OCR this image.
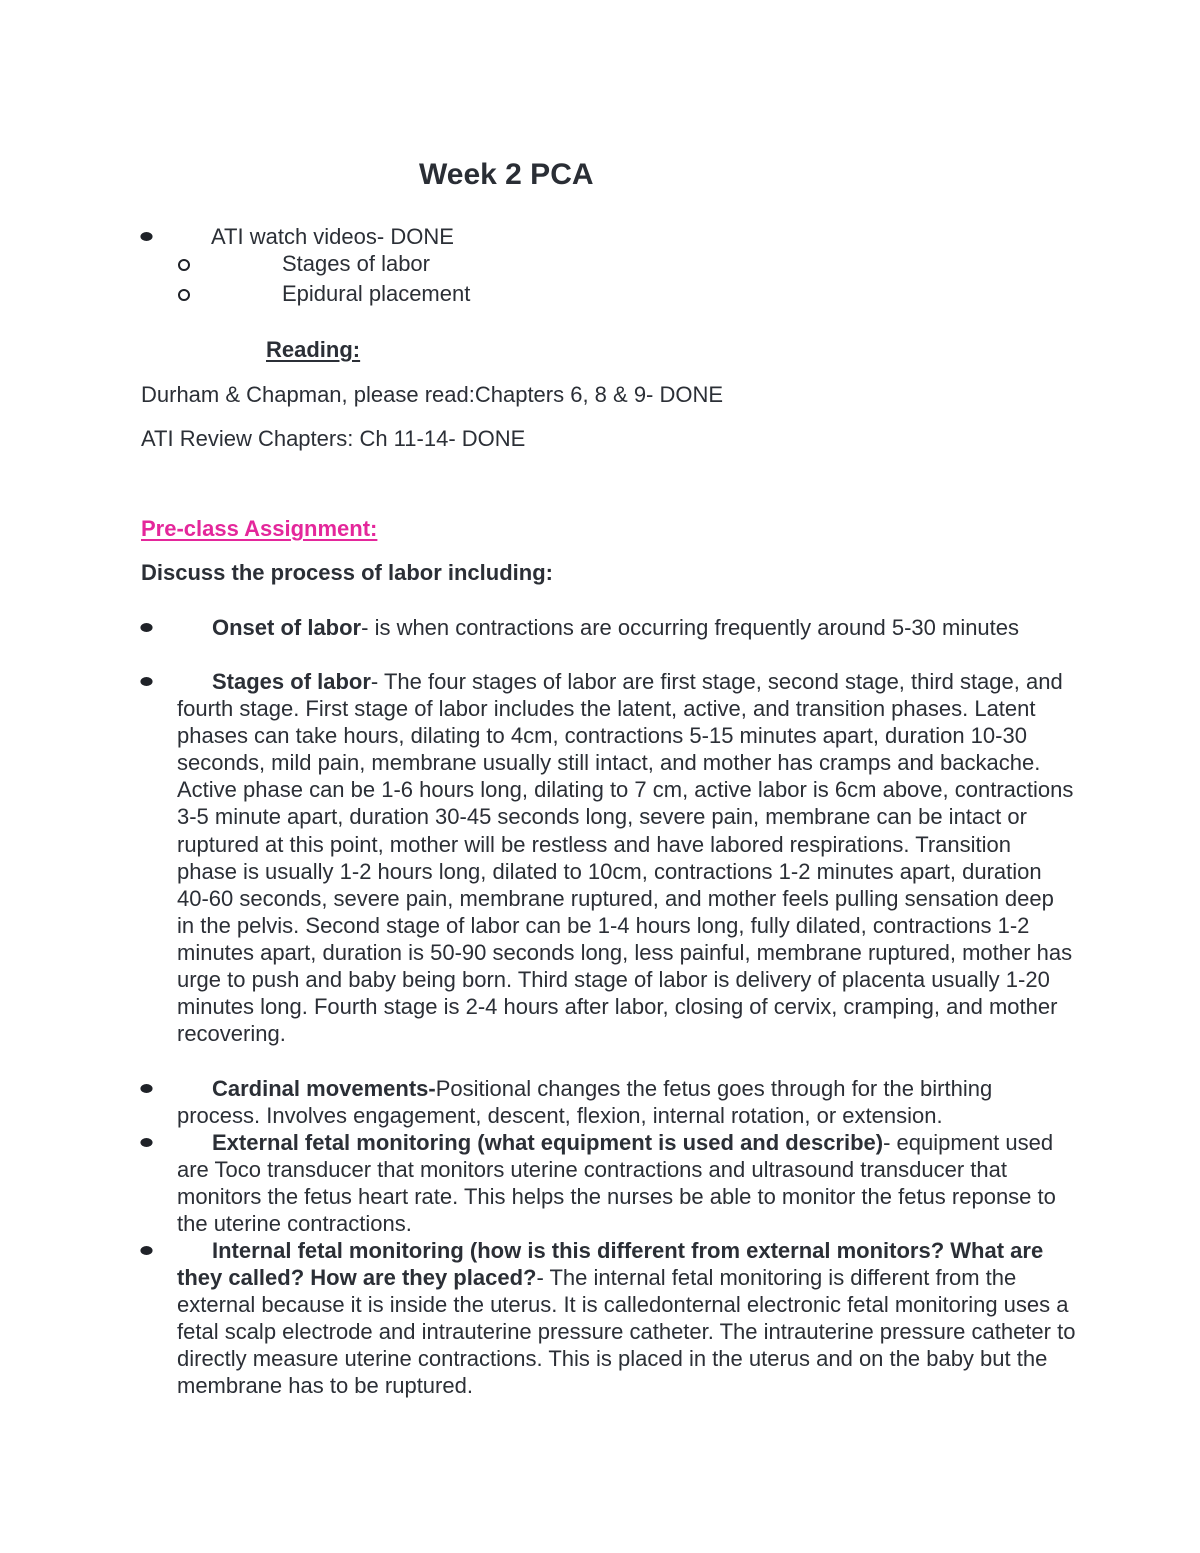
Week 2 PCA
ATI watch videos- DONE
Stages of labor
Epidural placement
Reading:
Durham & Chapman, please read:Chapters 6, 8 & 9- DONE
ATI Review Chapters: Ch 11-14- DONE
Pre-class Assignment:
Discuss the process of labor including:
Onset of labor- is when contractions are occurring frequently around 5-30 minutes
Stages of labor- The four stages of labor are first stage, second stage, third stage, and fourth stage. First stage of labor includes the latent, active, and transition phases. Latent phases can take hours, dilating to 4cm, contractions 5-15 minutes apart, duration 10-30 seconds, mild pain, membrane usually still intact, and mother has cramps and backache. Active phase can be 1-6 hours long, dilating to 7 cm, active labor is 6cm above, contractions 3-5 minute apart, duration 30-45 seconds long, severe pain, membrane can be intact or ruptured at this point, mother will be restless and have labored respirations. Transition phase is usually 1-2 hours long, dilated to 10cm, contractions 1-2 minutes apart, duration 40-60 seconds, severe pain, membrane ruptured, and mother feels pulling sensation deep in the pelvis. Second stage of labor can be 1-4 hours long, fully dilated, contractions 1-2 minutes apart, duration is 50-90 seconds long, less painful, membrane ruptured, mother has urge to push and baby being born. Third stage of labor is delivery of placenta usually 1-20 minutes long. Fourth stage is 2-4 hours after labor, closing of cervix, cramping, and mother recovering.
Cardinal movements-Positional changes the fetus goes through for the birthing process. Involves engagement, descent, flexion, internal rotation, or extension.
External fetal monitoring (what equipment is used and describe)- equipment used are Toco transducer that monitors uterine contractions and ultrasound transducer that monitors the fetus heart rate. This helps the nurses be able to monitor the fetus reponse to the uterine contractions.
Internal fetal monitoring (how is this different from external monitors? What are they called? How are they placed?- The internal fetal monitoring is different from the external because it is inside the uterus. It is calledonternal electronic fetal monitoring uses a fetal scalp electrode and intrauterine pressure catheter. The intrauterine pressure catheter to directly measure uterine contractions. This is placed in the uterus and on the baby but the membrane has to be ruptured.
